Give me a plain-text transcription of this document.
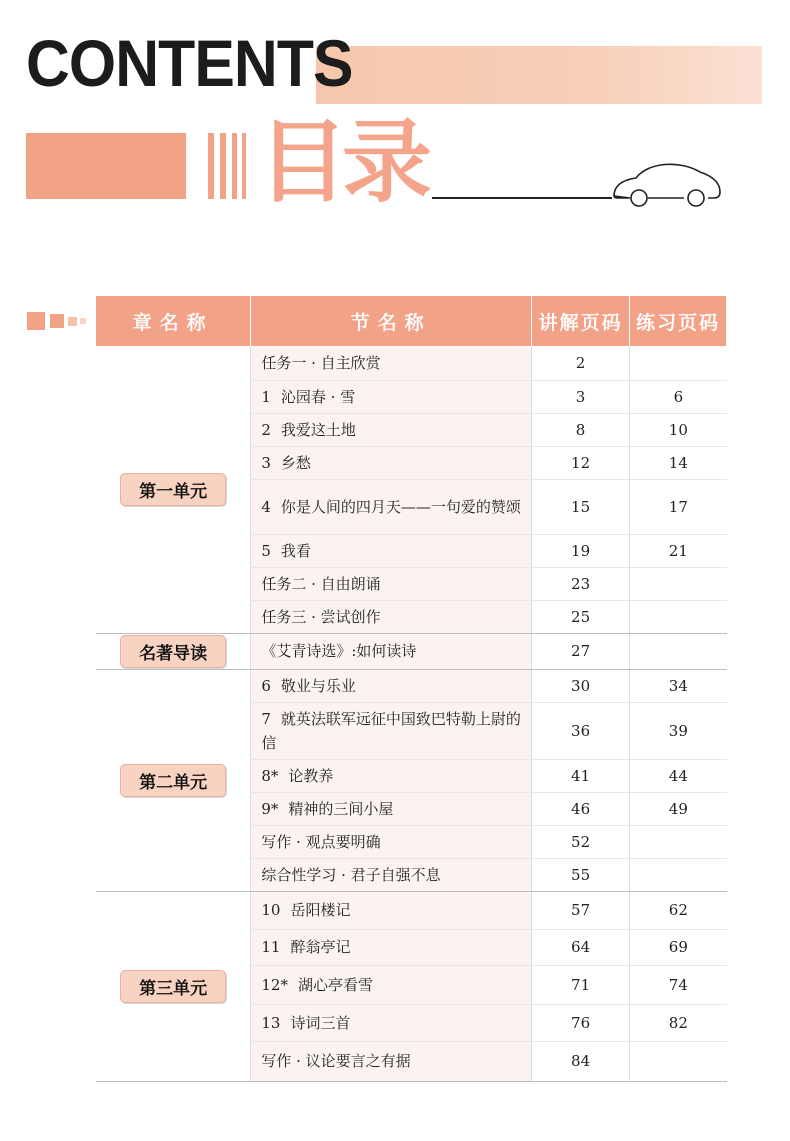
CONTENTS
目录
章名称	节名称	讲解页码	练习页码
第一单元	任务一 · 自主欣赏	2	
	1 沁园春 · 雪	3	6
	2 我爱这土地	8	10
	3 乡愁	12	14
	4 你是人间的四月天——一句爱的赞颂	15	17
	5 我看	19	21
	任务二 · 自由朗诵	23	
	任务三 · 尝试创作	25	
名著导读	《艾青诗选》:如何读诗	27	
第二单元	6 敬业与乐业	30	34
	7 就英法联军远征中国致巴特勒上尉的信	36	39
	8* 论教养	41	44
	9* 精神的三间小屋	46	49
	写作 · 观点要明确	52	
	综合性学习 · 君子自强不息	55	
第三单元	10 岳阳楼记	57	62
	11 醉翁亭记	64	69
	12* 湖心亭看雪	71	74
	13 诗词三首	76	82
	写作 · 议论要言之有据	84	
